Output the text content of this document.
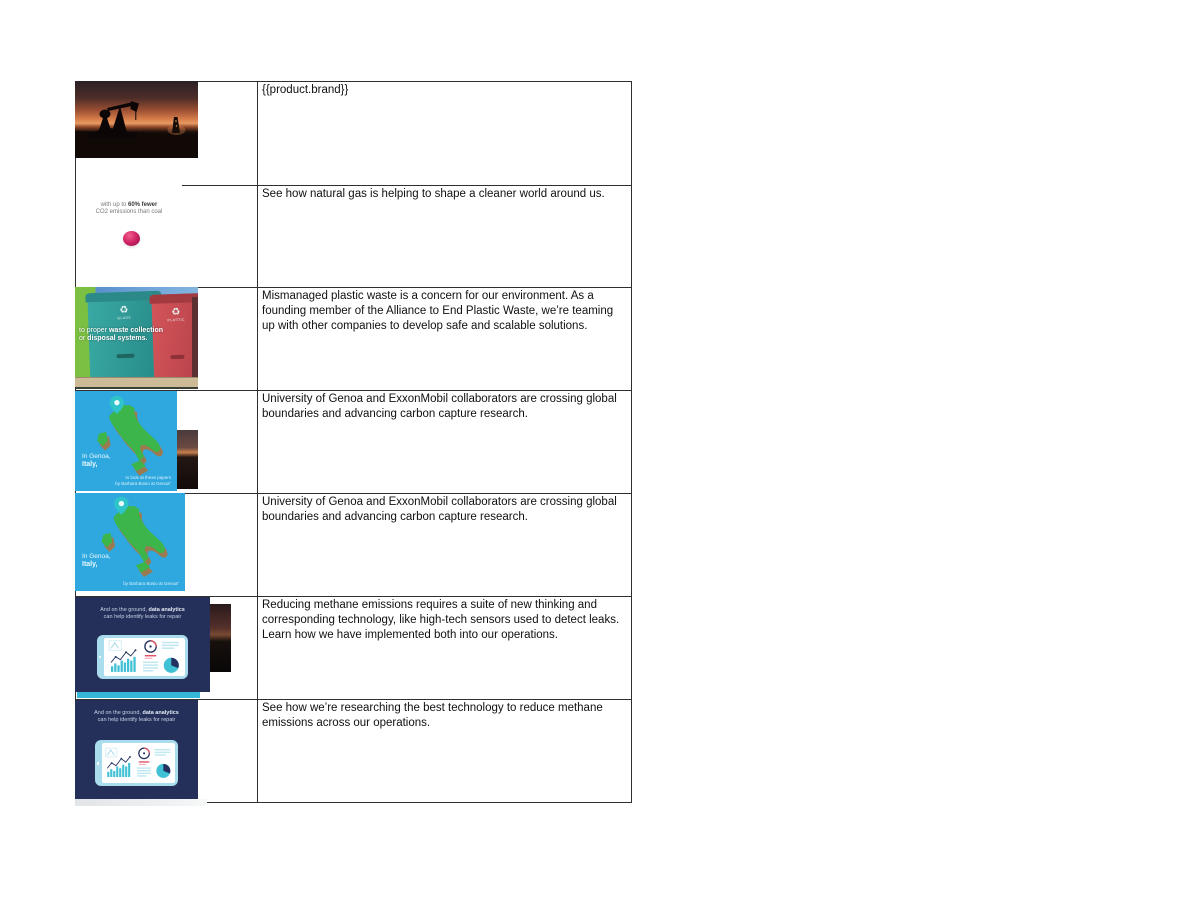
{{product.brand}}
See how natural gas is helping to shape a cleaner world around us.
Mismanaged plastic waste is a concern for our environment. As a founding member of the Alliance to End Plastic Waste, we’re teaming up with other companies to develop safe and scalable solutions.
University of Genoa and ExxonMobil collaborators are crossing global boundaries and advancing carbon capture research.
University of Genoa and ExxonMobil collaborators are crossing global boundaries and advancing carbon capture research.
Reducing methane emissions requires a suite of new thinking and corresponding technology, like high-tech sensors used to detect leaks. Learn how we have implemented both into our operations.
See how we’re researching the best technology to reduce methane emissions across our operations.
with up to 60% fewer
CO2 emissions than coal
♻
GLASS	♻
PLASTIC
to proper waste collection
or disposal systems.
In Genoa,
Italy,
to look at these papers
by Barbara Bosio at Genoa”
In Genoa,
Italy,
by Barbara Bosio at Genoa”
And on the ground, data analytics
can help identify leaks for repair
And on the ground, data analytics
can help identify leaks for repair
